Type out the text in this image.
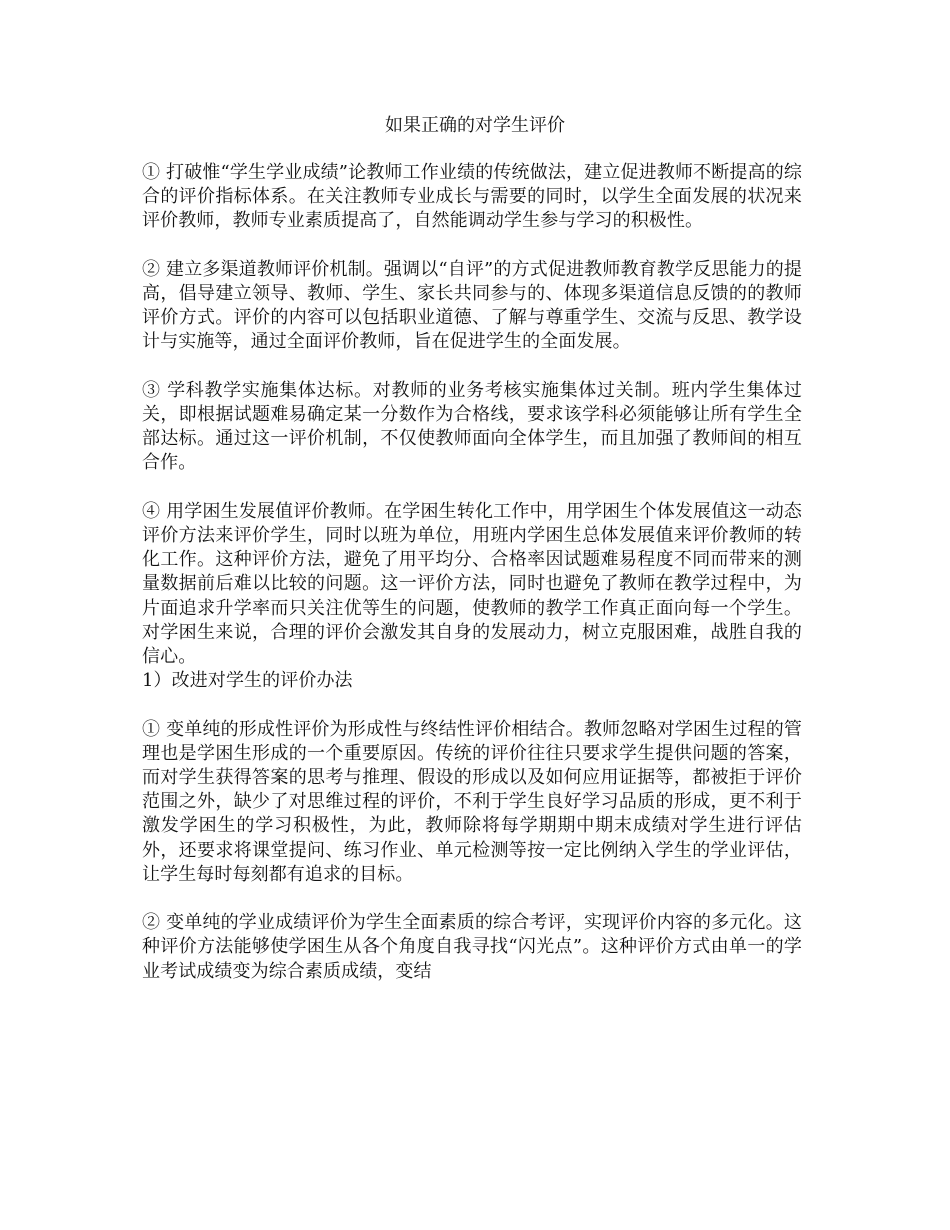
如果正确的对学生评价

① 打破惟“学生学业成绩”论教师工作业绩的传统做法，建立促进教师不断提高的综合的评价指标体系。在关注教师专业成长与需要的同时，以学生全面发展的状况来评价教师，教师专业素质提高了，自然能调动学生参与学习的积极性。

② 建立多渠道教师评价机制。强调以“自评”的方式促进教师教育教学反思能力的提高，倡导建立领导、教师、学生、家长共同参与的、体现多渠道信息反馈的的教师评价方式。评价的内容可以包括职业道德、了解与尊重学生、交流与反思、教学设计与实施等，通过全面评价教师，旨在促进学生的全面发展。

③ 学科教学实施集体达标。对教师的业务考核实施集体过关制。班内学生集体过关，即根据试题难易确定某一分数作为合格线，要求该学科必须能够让所有学生全部达标。通过这一评价机制，不仅使教师面向全体学生，而且加强了教师间的相互合作。

④ 用学困生发展值评价教师。在学困生转化工作中，用学困生个体发展值这一动态评价方法来评价学生，同时以班为单位，用班内学困生总体发展值来评价教师的转化工作。这种评价方法，避免了用平均分、合格率因试题难易程度不同而带来的测量数据前后难以比较的问题。这一评价方法，同时也避免了教师在教学过程中，为片面追求升学率而只关注优等生的问题，使教师的教学工作真正面向每一个学生。对学困生来说，合理的评价会激发其自身的发展动力，树立克服困难，战胜自我的信心。

1）改进对学生的评价办法

① 变单纯的形成性评价为形成性与终结性评价相结合。教师忽略对学困生过程的管理也是学困生形成的一个重要原因。传统的评价往往只要求学生提供问题的答案，而对学生获得答案的思考与推理、假设的形成以及如何应用证据等，都被拒于评价范围之外，缺少了对思维过程的评价，不利于学生良好学习品质的形成，更不利于激发学困生的学习积极性，为此，教师除将每学期期中期末成绩对学生进行评估外，还要求将课堂提问、练习作业、单元检测等按一定比例纳入学生的学业评估，让学生每时每刻都有追求的目标。

② 变单纯的学业成绩评价为学生全面素质的综合考评，实现评价内容的多元化。这种评价方法能够使学困生从各个角度自我寻找“闪光点”。这种评价方式由单一的学业考试成绩变为综合素质成绩，变结
